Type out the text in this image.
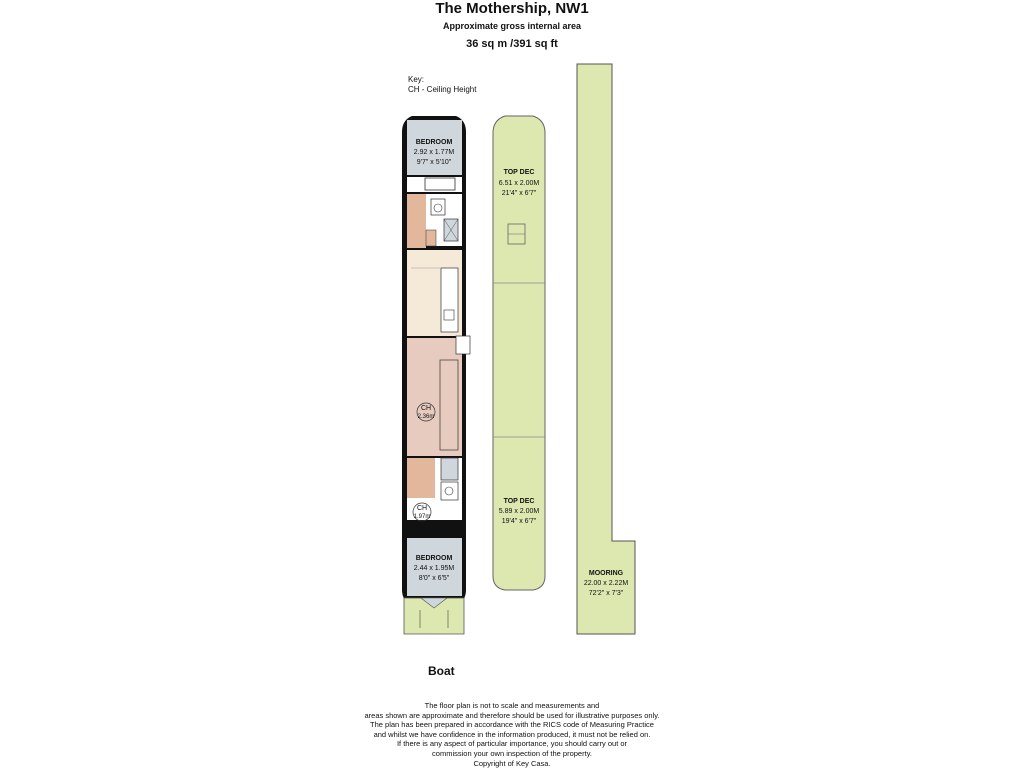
The Mothership, NW1
Approximate gross internal area
36 sq m /391 sq ft
Key:
CH - Ceiling Height
BEDROOM
2.92 x 1.77M
9'7" x 5'10"
CH
2.36m
CH
1.97m
BEDROOM
2.44 x 1.95M
8'0" x 6'5"
TOP DEC
6.51 x 2.00M
21'4" x 6'7"
TOP DEC
5.89 x 2.00M
19'4" x 6'7"
MOORING
22.00 x 2.22M
72'2" x 7'3"
Boat
The floor plan is not to scale and measurements and
areas shown are approximate and therefore should be used for illustrative purposes only.
The plan has been prepared in accordance with the RICS code of Measuring Practice
and whilst we have confidence in the information produced, it must not be relied on.
If there is any aspect of particular importance, you should carry out or
commission your own inspection of the property.
Copyright of Key Casa.
